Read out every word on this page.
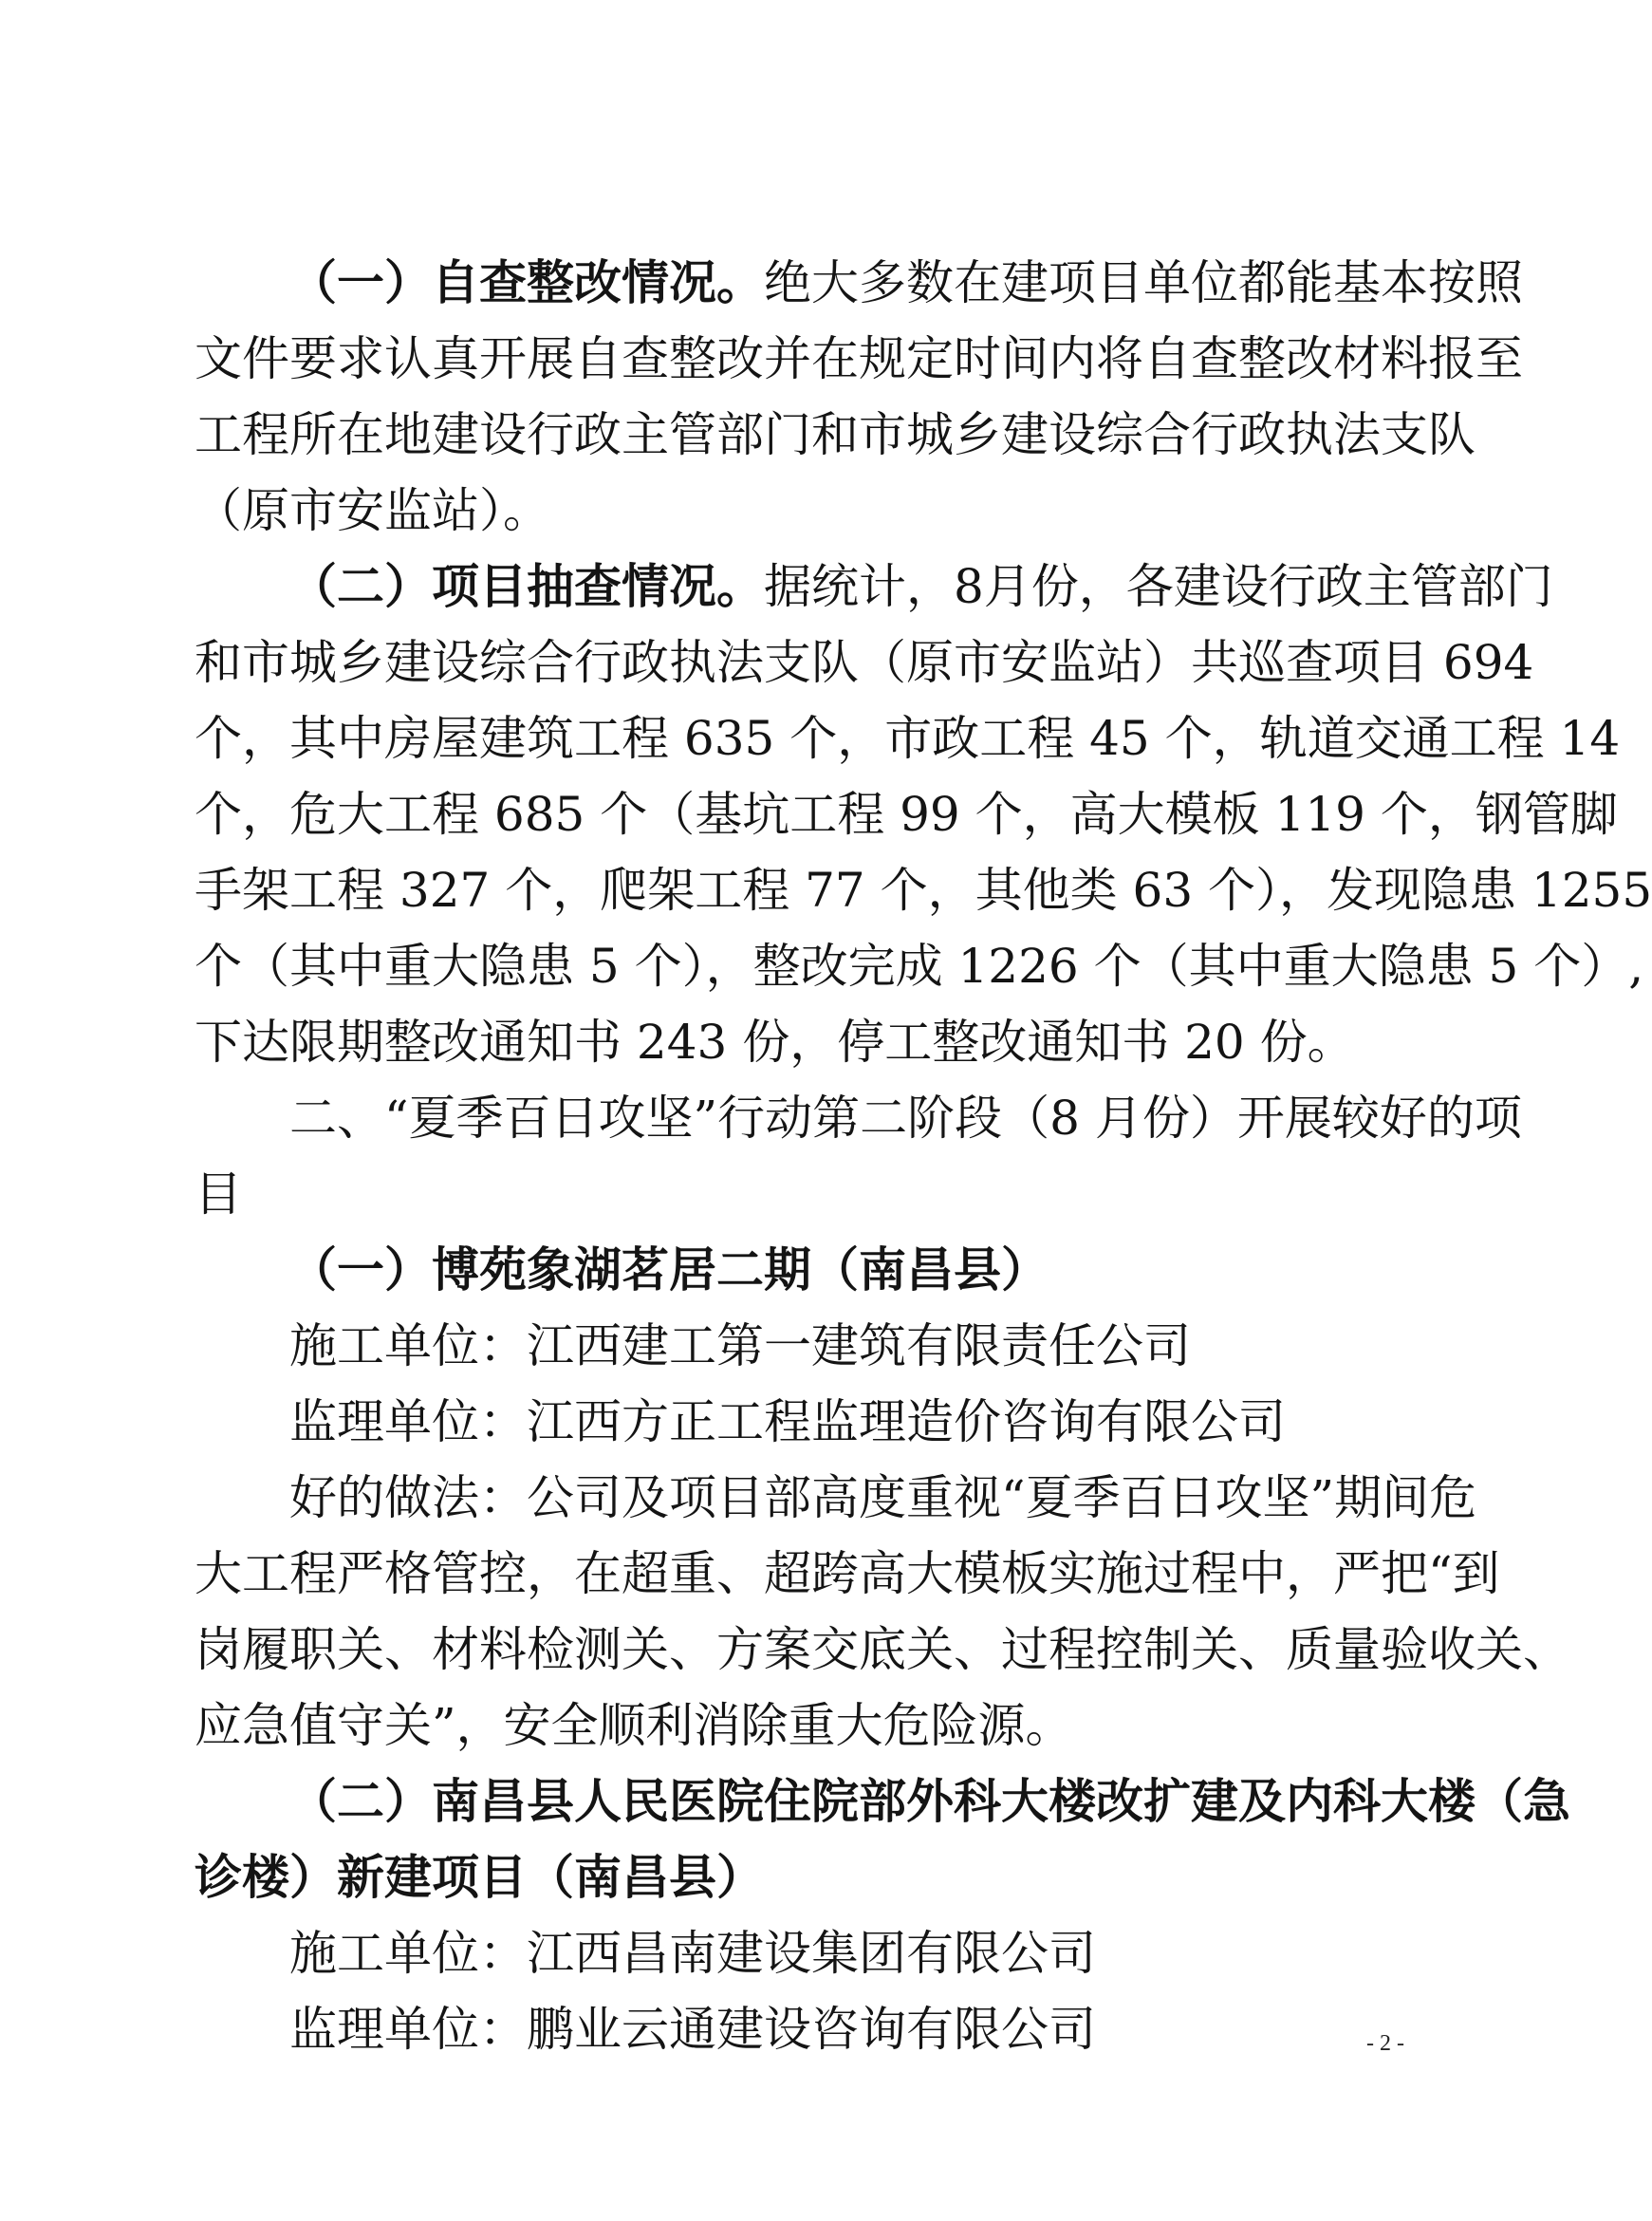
（一）自查整改情况。绝大多数在建项目单位都能基本按照
文件要求认真开展自查整改并在规定时间内将自查整改材料报至
工程所在地建设行政主管部门和市城乡建设综合行政执法支队
（原市安监站）。
（二）项目抽查情况。据统计，8月份，各建设行政主管部门
和市城乡建设综合行政执法支队（原市安监站）共巡查项目 694
个，其中房屋建筑工程 635 个，市政工程 45 个，轨道交通工程 14
个，危大工程 685 个（基坑工程 99 个，高大模板 119 个，钢管脚
手架工程 327 个，爬架工程 77 个，其他类 63 个），发现隐患 1255
个（其中重大隐患 5 个），整改完成 1226 个（其中重大隐患 5 个）,
下达限期整改通知书 243 份，停工整改通知书 20 份。
二、“夏季百日攻坚”行动第二阶段（8 月份）开展较好的项
目
（一）博苑象湖茗居二期（南昌县）
施工单位：江西建工第一建筑有限责任公司
监理单位：江西方正工程监理造价咨询有限公司
好的做法：公司及项目部高度重视“夏季百日攻坚”期间危
大工程严格管控，在超重、超跨高大模板实施过程中，严把“到
岗履职关、材料检测关、方案交底关、过程控制关、质量验收关、
应急值守关”，安全顺利消除重大危险源。
（二）南昌县人民医院住院部外科大楼改扩建及内科大楼（急
诊楼）新建项目（南昌县）
施工单位：江西昌南建设集团有限公司
监理单位：鹏业云通建设咨询有限公司	- 2 -
